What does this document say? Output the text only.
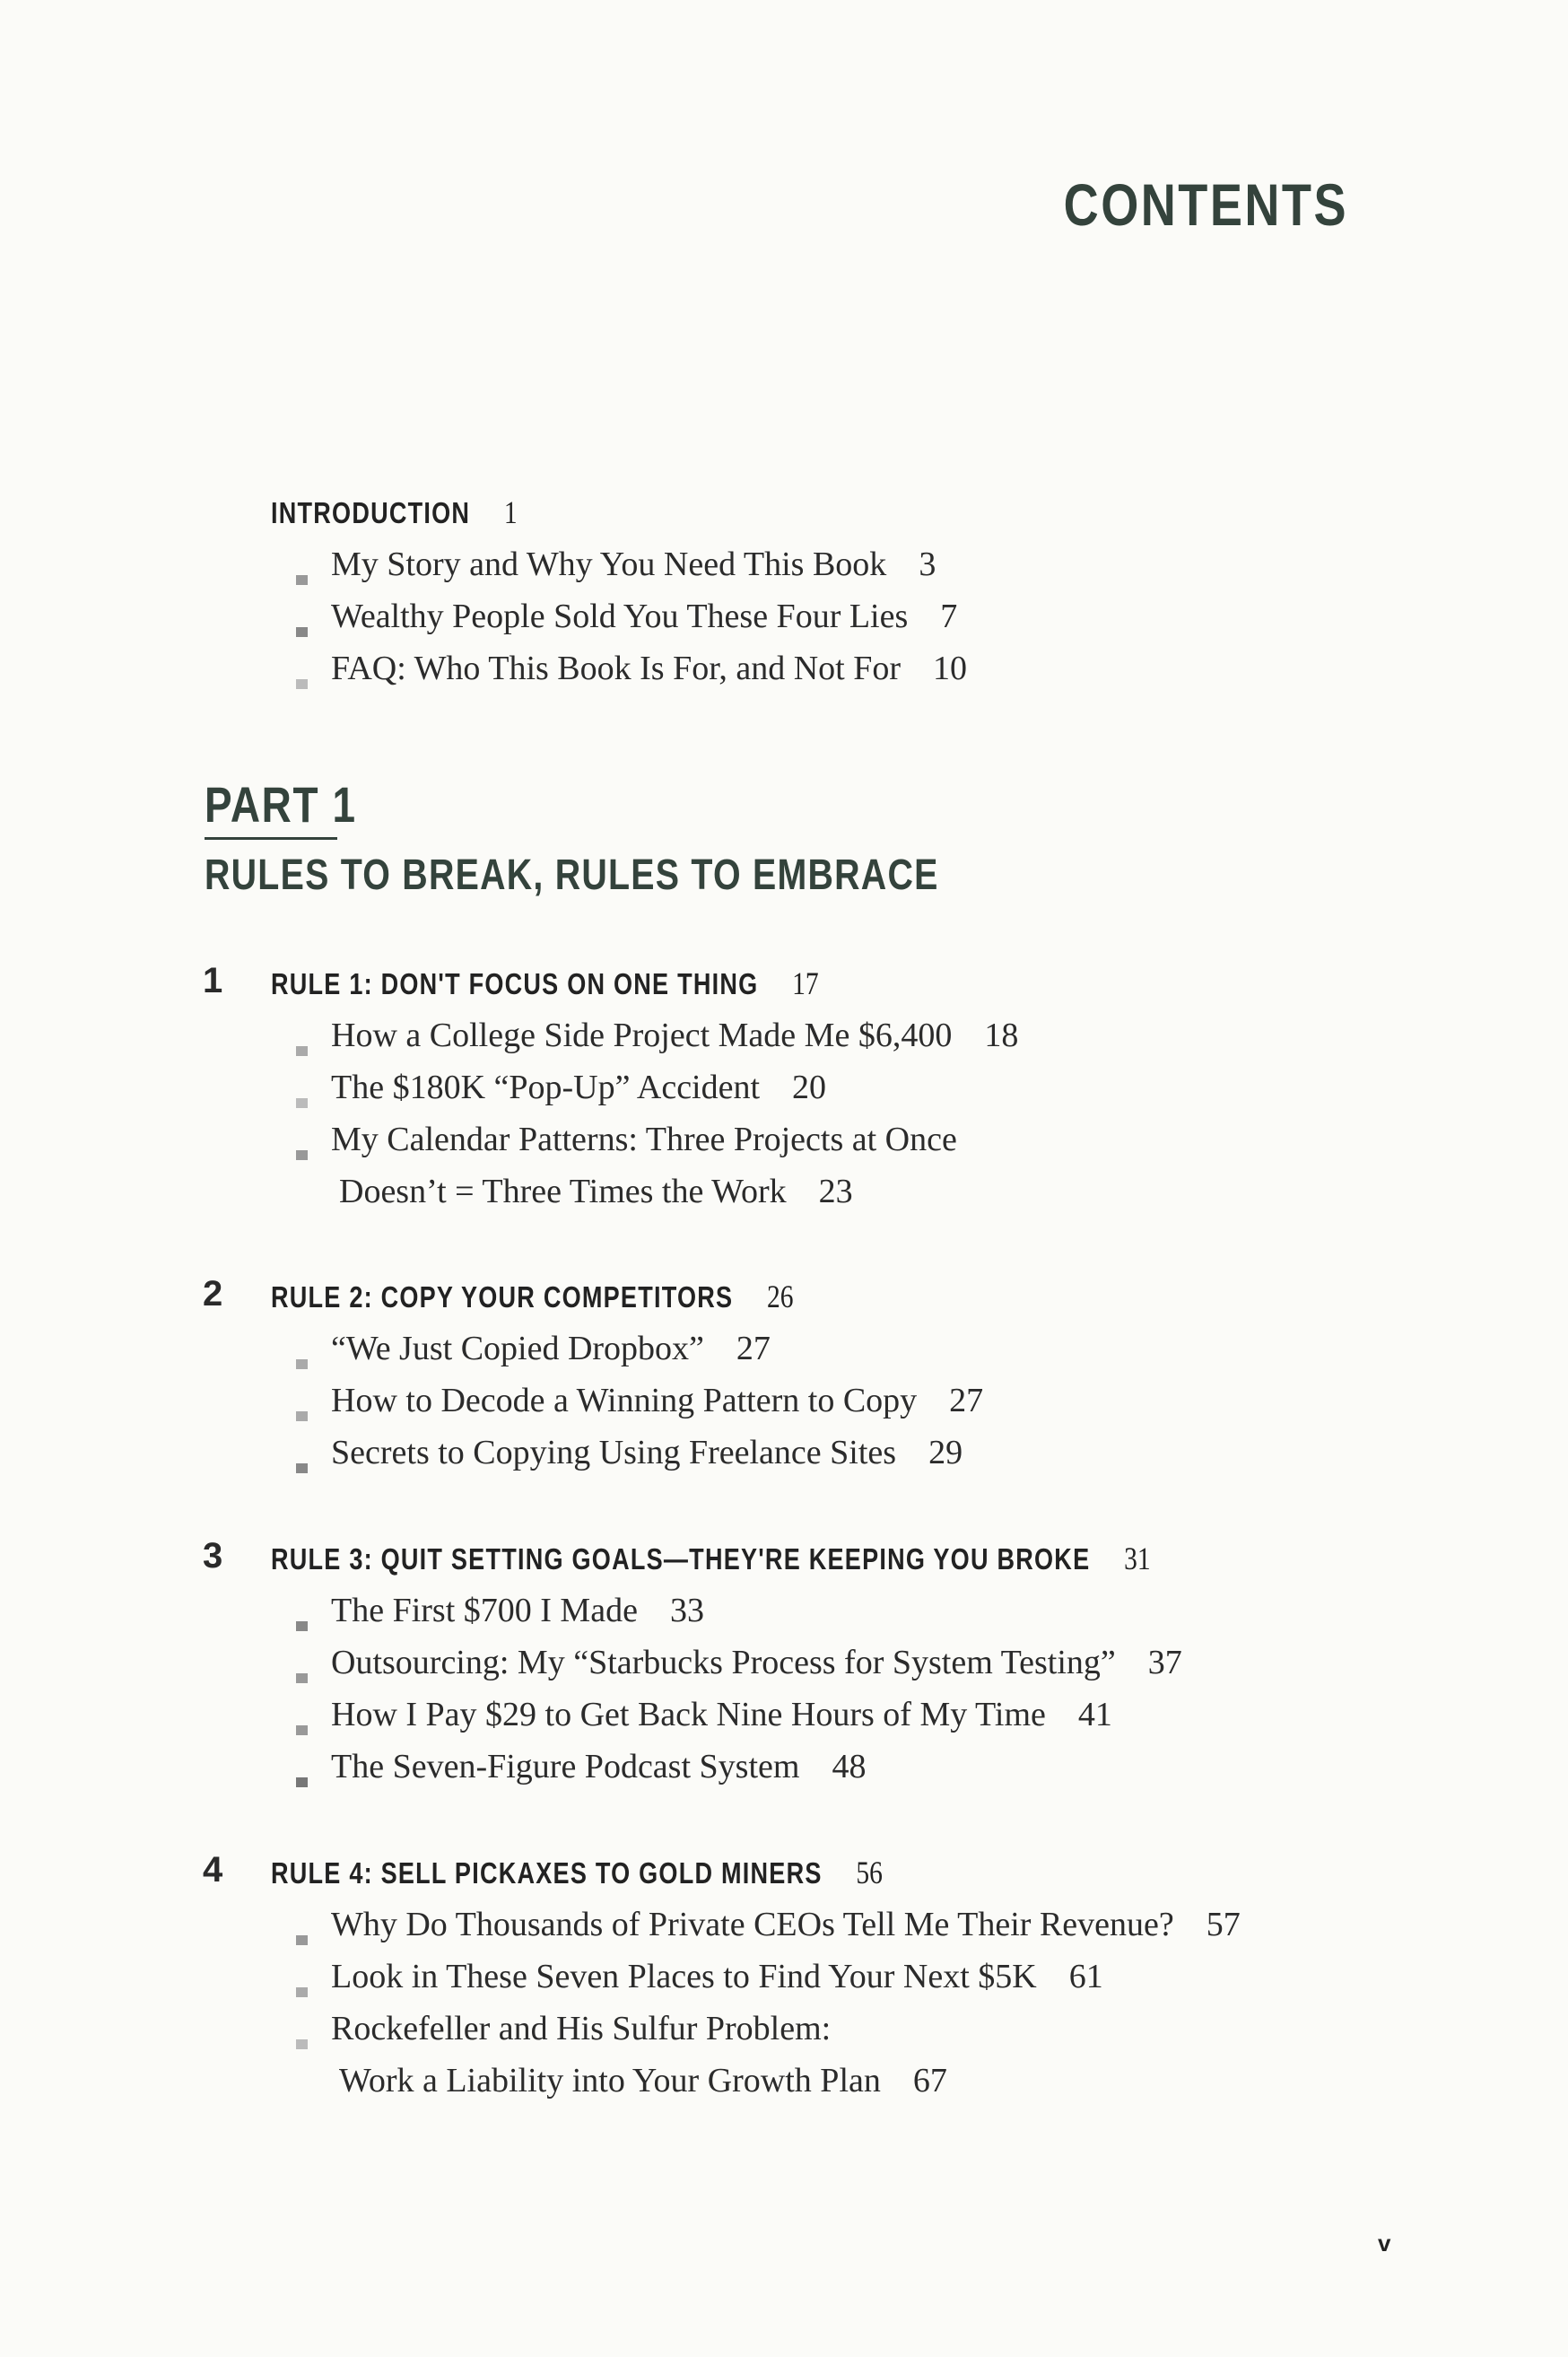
CONTENTS
INTRODUCTION 1
My Story and Why You Need This Book 3
Wealthy People Sold You These Four Lies 7
FAQ: Who This Book Is For, and Not For 10
PART 1
RULES TO BREAK, RULES TO EMBRACE
1 RULE 1: DON'T FOCUS ON ONE THING 17
How a College Side Project Made Me $6,400 18
The $180K “Pop-Up” Accident 20
My Calendar Patterns: Three Projects at Once
Doesn’t = Three Times the Work 23
2 RULE 2: COPY YOUR COMPETITORS 26
“We Just Copied Dropbox” 27
How to Decode a Winning Pattern to Copy 27
Secrets to Copying Using Freelance Sites 29
3 RULE 3: QUIT SETTING GOALS—THEY'RE KEEPING YOU BROKE 31
The First $700 I Made 33
Outsourcing: My “Starbucks Process for System Testing” 37
How I Pay $29 to Get Back Nine Hours of My Time 41
The Seven-Figure Podcast System 48
4 RULE 4: SELL PICKAXES TO GOLD MINERS 56
Why Do Thousands of Private CEOs Tell Me Their Revenue? 57
Look in These Seven Places to Find Your Next $5K 61
Rockefeller and His Sulfur Problem:
Work a Liability into Your Growth Plan 67
v
